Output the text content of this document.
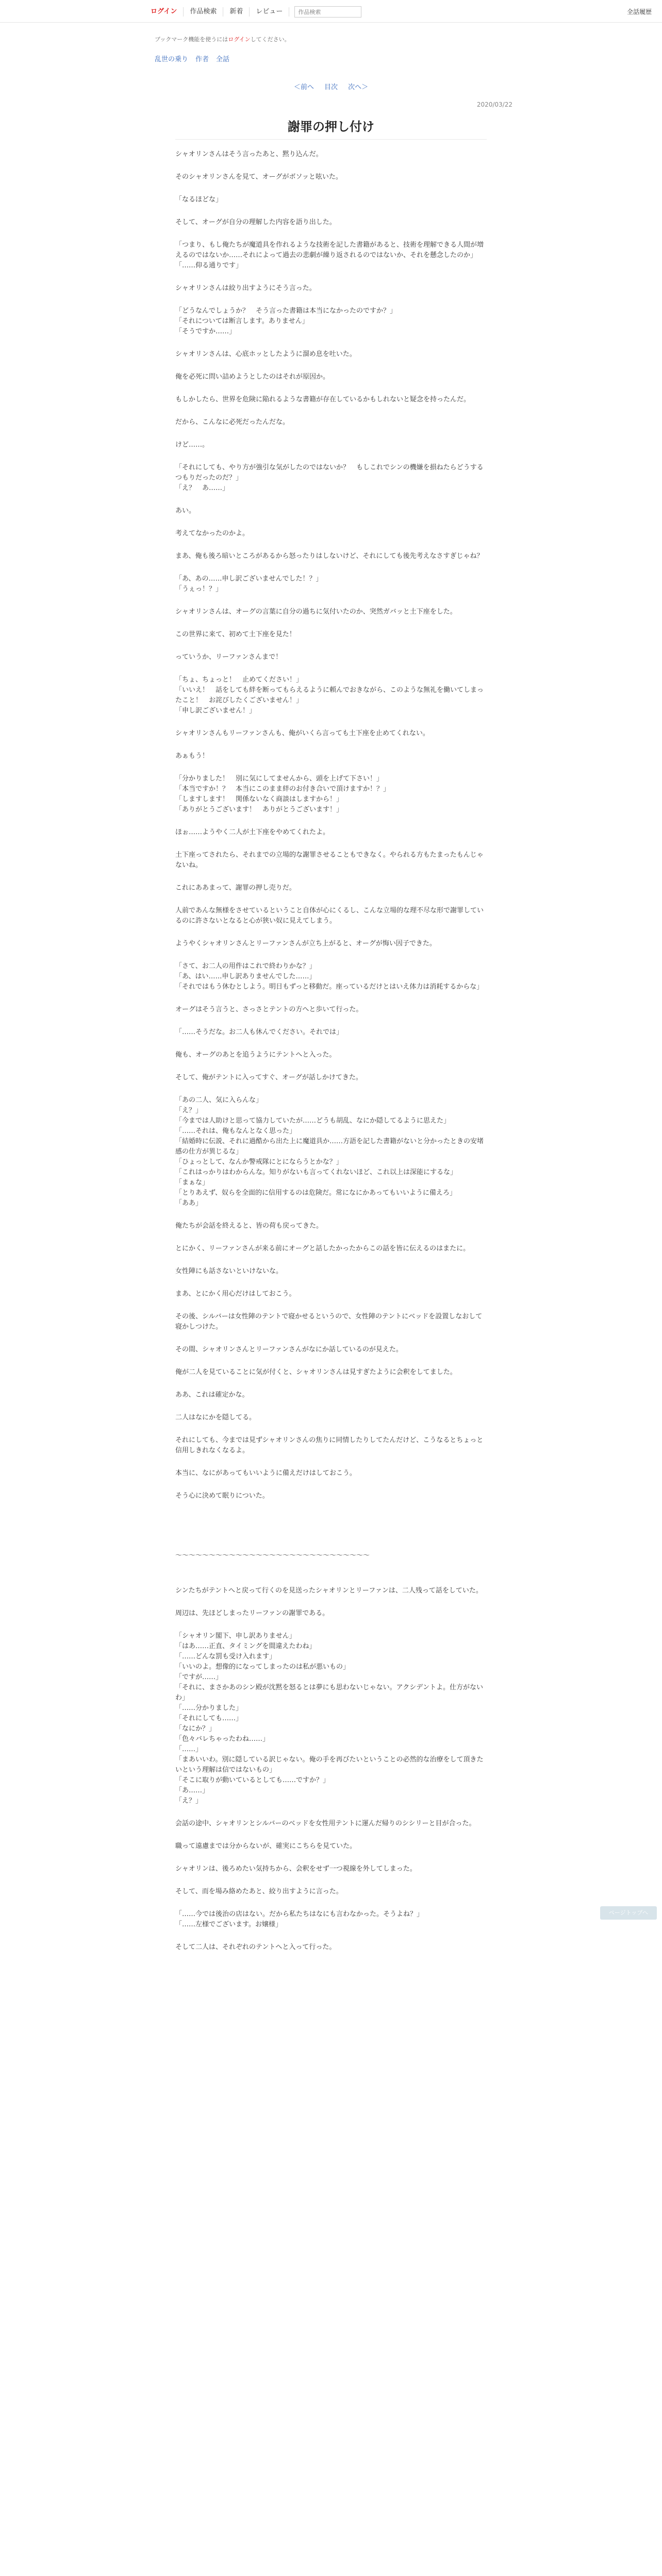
ログイン	作品検索	新着	レビュー
作品検索	全話履歴
ブックマーク機能を使うにはログインしてください。
乱世の乗り 作者 全話
＜前へ 目次 次へ＞
2020/03/22
謝罪の押し付け

シャオリンさんはそう言ったあと、黙り込んだ。

そのシャオリンさんを見て、オーグがボソッと呟いた。

「なるほどな」

そして、オーグが自分の理解した内容を語り出した。

「つまり、もし俺たちが魔道具を作れるような技術を記した書籍があると、技術を理解できる人間が増えるのではないか……それによって過去の悲劇が繰り返されるのではないか、それを懸念したのか」

「……仰る通りです」

シャオリンさんは絞り出すようにそう言った。

「どうなんでしょうか？　そう言った書籍は本当になかったのですか？」

「それについては断言します。ありません」

「そうですか……」

シャオリンさんは、心底ホッとしたように溜め息を吐いた。

俺を必死に問い詰めようとしたのはそれが原因か。

もしかしたら、世界を危険に陥れるような書籍が存在しているかもしれないと疑念を持ったんだ。

だから、こんなに必死だったんだな。

けど……。

「それにしても、やり方が強引な気がしたのではないか？　もしこれでシンの機嫌を損ねたらどうするつもりだったのだ？」

「え？　あ……」

あい。

考えてなかったのかよ。

まあ、俺も後ろ暗いところがあるから怒ったりはしないけど、それにしても後先考えなさすぎじゃね？

「あ、あの……申し訳ございませんでした！？」

「うぇっ！？」

シャオリンさんは、オーグの言葉に自分の過ちに気付いたのか、突然ガバッと土下座をした。

この世界に来て、初めて土下座を見た！

っていうか、リーファンさんまで！

「ちょ、ちょっと！　止めてください！」

「いいえ！　話をしても絆を断ってもらえるように頼んでおきながら、このような無礼を働いてしまったこと！　お詫びしたくございません！」

「申し訳ございません！」

シャオリンさんもリーファンさんも、俺がいくら言っても土下座を止めてくれない。

あぁもう！

「分かりました！　別に気にしてませんから、頭を上げて下さい！」

「本当ですか！？　本当にこのまま絆のお付き合いで頂けますか！？」

「しますします！　関係ないなく商談はしますから！」

「ありがとうございます！　ありがとうございます！」

ほぉ……ようやく二人が土下座をやめてくれたよ。

土下座ってされたら、それまでの立場的な謝罪させることもできなく。やられる方もたまったもんじゃないね。

これにああまって、謝罪の押し売りだ。

人前であんな無様をさせているということ自体が心にくるし、こんな立場的な理不尽な形で謝罪しているのに許さないとなると心が狭い奴に見えてしまう。

ようやくシャオリンさんとリーファンさんが立ち上がると、オーグが悔い因子できた。

「さて、お二人の用件はこれで終わりかな？」

「あ、はい……申し訳ありませんでした……」

「それではもう休むとしよう。明日もずっと移動だ。座っているだけとはいえ体力は消耗するからな」

オーグはそう言うと、さっさとテントの方へと歩いて行った。

「……そうだな。お二人も休んでください。それでは」

俺も、オーグのあとを追うようにテントへと入った。

そして、俺がテントに入ってすぐ、オーグが話しかけてきた。

「あの二人、気に入らんな」

「え？」

「今までは人助けと思って協力していたが……どうも胡乱、なにか隠してるように思えた」

「……それは、俺もなんとなく思った」

「結婚時に伝説、それに過酷から出た上に魔道具か……方語を記した書籍がないと分かったときの安堵感の仕方が異じるな」

「ひょっとして、なんか警戒隊にとにならうとかな？」

「これはっかりはわからんな。知りがないも言ってくれないほど、これ以上は深能にするな」

「まぁな」

「とりあえず、奴らを全面的に信用するのは危険だ。常になにかあってもいいように備えろ」

「ああ」

俺たちが会話を終えると、皆の荷も戻ってきた。

とにかく、リーファンさんが来る前にオーグと話したかったからこの話を皆に伝えるのはまたに。

女性陣にも話さないといけないな。

まあ、とにかく用心だけはしておこう。

その後、シルバーは女性陣のテントで寝かせるというので、女性陣のテントにベッドを設置しなおして寝かしつけた。

その間、シャオリンさんとリーファンさんがなにか話しているのが見えた。

俺が二人を見ていることに気が付くと、シャオリンさんは見すぎたように会釈をしてました。

ああ、これは確定かな。

二人はなにかを隠してる。

それにしても、今までは見ずシャオリンさんの焦りに同情したりしてたんだけど、こうなるとちょっと信用しきれなくなるよ。

本当に、なにがあってもいいように備えだけはしておこう。

そう心に決めて眠りについた。

～～～～～～～～～～～～～～～～～～～～～～～～～～～～～

シンたちがテントへと戻って行くのを見送ったシャオリンとリーファンは、二人残って話をしていた。

周辺は、先ほどしまったリーファンの謝罪である。

「シャオリン閣下、申し訳ありません」

「はあ……正直、タイミングを間違えたわね」

「……どんな罰も受け入れます」

「いいのよ。想像的になってしまったのは私が悪いもの」

「ですが……」

「それに、まさかあのシン殿が沈黙を怒るとは夢にも思わないじゃない。アクシデントよ。仕方がないわ」

「……分かりました」

「それにしても……」

「なにか？」

「色々バレちゃったわね……」

「……」

「まあいいわ。別に隠している訳じゃない。俺の手を再びたいということの必然的な治療をして頂きたいという理解は信ではないもの」

「そこに取りが動いているとしても……ですか？」

「あ……」

「え？」

会話の途中、シャオリンとシルバーのベッドを女性用テントに運んだ帰りのシシリーと目が合った。

職って遠慮までは分からないが、確実にこちらを見ていた。

シャオリンは、後ろめたい気持ちから、会釈をせず一つ視線を外してしまった。

そして、而を場み絡めたあと、絞り出すように言った。

「……今では後治の店はない。だから私たちはなにも言わなかった。そうよね？」

「……左様でございます。お嬢様」

そして二人は、それぞれのテントへと入って行った。

ページトップへ
